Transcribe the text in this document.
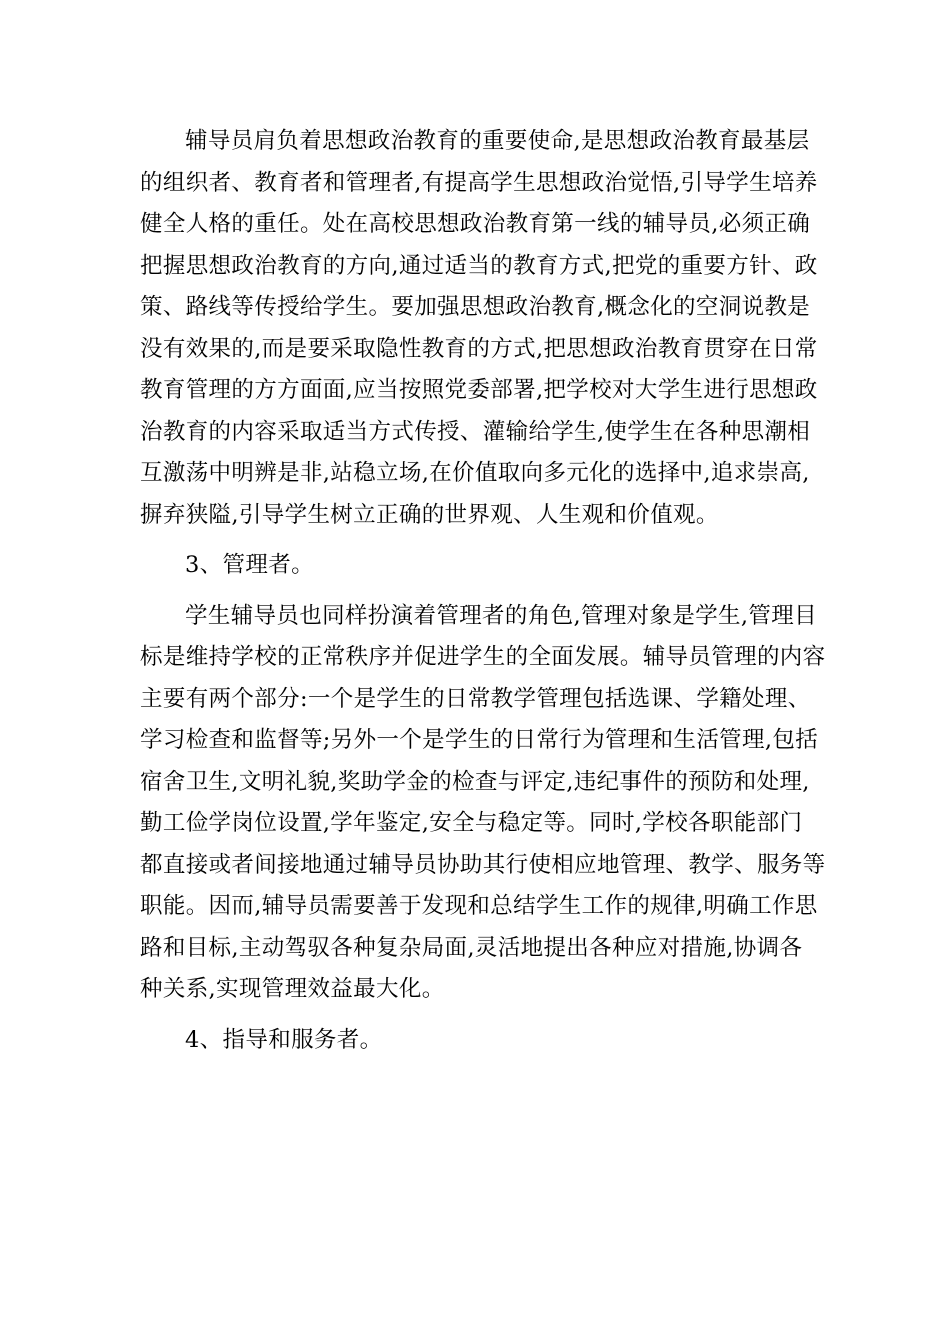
辅导员肩负着思想政治教育的重要使命,是思想政治教育最基层
的组织者、教育者和管理者,有提高学生思想政治觉悟,引导学生培养
健全人格的重任。处在高校思想政治教育第一线的辅导员,必须正确
把握思想政治教育的方向,通过适当的教育方式,把党的重要方针、政
策、路线等传授给学生。要加强思想政治教育,概念化的空洞说教是
没有效果的,而是要采取隐性教育的方式,把思想政治教育贯穿在日常
教育管理的方方面面,应当按照党委部署,把学校对大学生进行思想政
治教育的内容采取适当方式传授、灌输给学生,使学生在各种思潮相
互激荡中明辨是非,站稳立场,在价值取向多元化的选择中,追求崇高,
摒弃狭隘,引导学生树立正确的世界观、人生观和价值观。
3、管理者。
学生辅导员也同样扮演着管理者的角色,管理对象是学生,管理目
标是维持学校的正常秩序并促进学生的全面发展。辅导员管理的内容
主要有两个部分:一个是学生的日常教学管理包括选课、学籍处理、
学习检查和监督等;另外一个是学生的日常行为管理和生活管理,包括
宿舍卫生,文明礼貌,奖助学金的检查与评定,违纪事件的预防和处理,
勤工俭学岗位设置,学年鉴定,安全与稳定等。同时,学校各职能部门
都直接或者间接地通过辅导员协助其行使相应地管理、教学、服务等
职能。因而,辅导员需要善于发现和总结学生工作的规律,明确工作思
路和目标,主动驾驭各种复杂局面,灵活地提出各种应对措施,协调各
种关系,实现管理效益最大化。
4、指导和服务者。
